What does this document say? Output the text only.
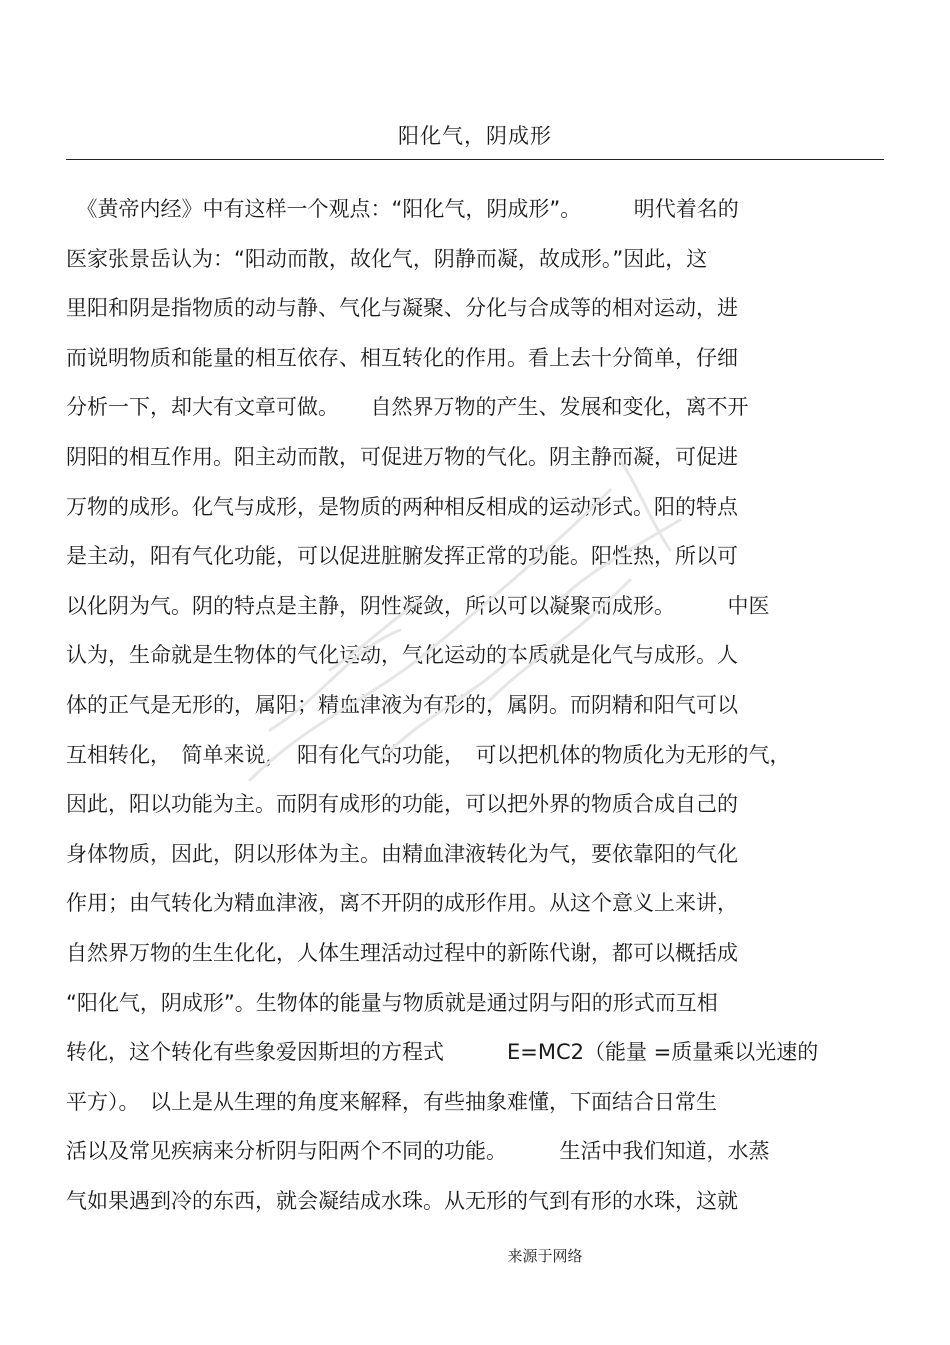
阳化气，阴成形
　《黄帝内经》中有这样一个观点：“阳化气，阴成形”。　　　明代着名的
医家张景岳认为：“阳动而散，故化气，阴静而凝，故成形。”因此，这
里阳和阴是指物质的动与静、气化与凝聚、分化与合成等的相对运动，进
而说明物质和能量的相互依存、相互转化的作用。看上去十分简单，仔细
分析一下，却大有文章可做。　　自然界万物的产生、发展和变化，离不开
阴阳的相互作用。阳主动而散，可促进万物的气化。阴主静而凝，可促进
万物的成形。化气与成形，是物质的两种相反相成的运动形式。阳的特点
是主动，阳有气化功能，可以促进脏腑发挥正常的功能。阳性热，所以可
以化阴为气。阴的特点是主静，阴性凝敛，所以可以凝聚而成形。　　　中医
认为，生命就是生物体的气化运动，气化运动的本质就是化气与成形。人
体的正气是无形的，属阳；精血津液为有形的，属阴。而阴精和阳气可以
互相转化，　简单来说，　阳有化气的功能，　可以把机体的物质化为无形的气，
因此，阳以功能为主。而阴有成形的功能，可以把外界的物质合成自己的
身体物质，因此，阴以形体为主。由精血津液转化为气，要依靠阳的气化
作用；由气转化为精血津液，离不开阴的成形作用。从这个意义上来讲，
自然界万物的生生化化，人体生理活动过程中的新陈代谢，都可以概括成
“阳化气，阴成形”。生物体的能量与物质就是通过阴与阳的形式而互相
转化，这个转化有些象爱因斯坦的方程式　　　E=MC2（能量 =质量乘以光速的
平方）。　以上是从生理的角度来解释，有些抽象难懂，下面结合日常生
活以及常见疾病来分析阴与阳两个不同的功能。　　　生活中我们知道，水蒸
气如果遇到冷的东西，就会凝结成水珠。从无形的气到有形的水珠，这就
来源于网络
